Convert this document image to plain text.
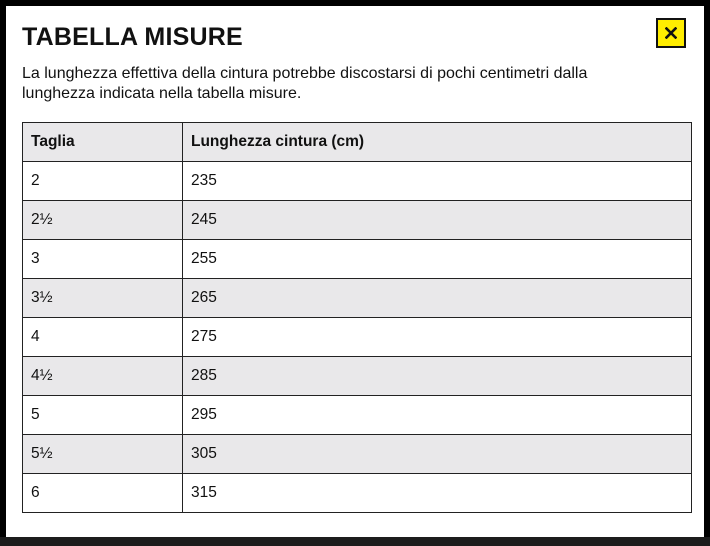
TABELLA MISURE

La lunghezza effettiva della cintura potrebbe discostarsi di pochi centimetri dalla lunghezza indicata nella tabella misure.

Taglia	Lunghezza cintura (cm)
2	235
2½	245
3	255
3½	265
4	275
4½	285
5	295
5½	305
6	315
